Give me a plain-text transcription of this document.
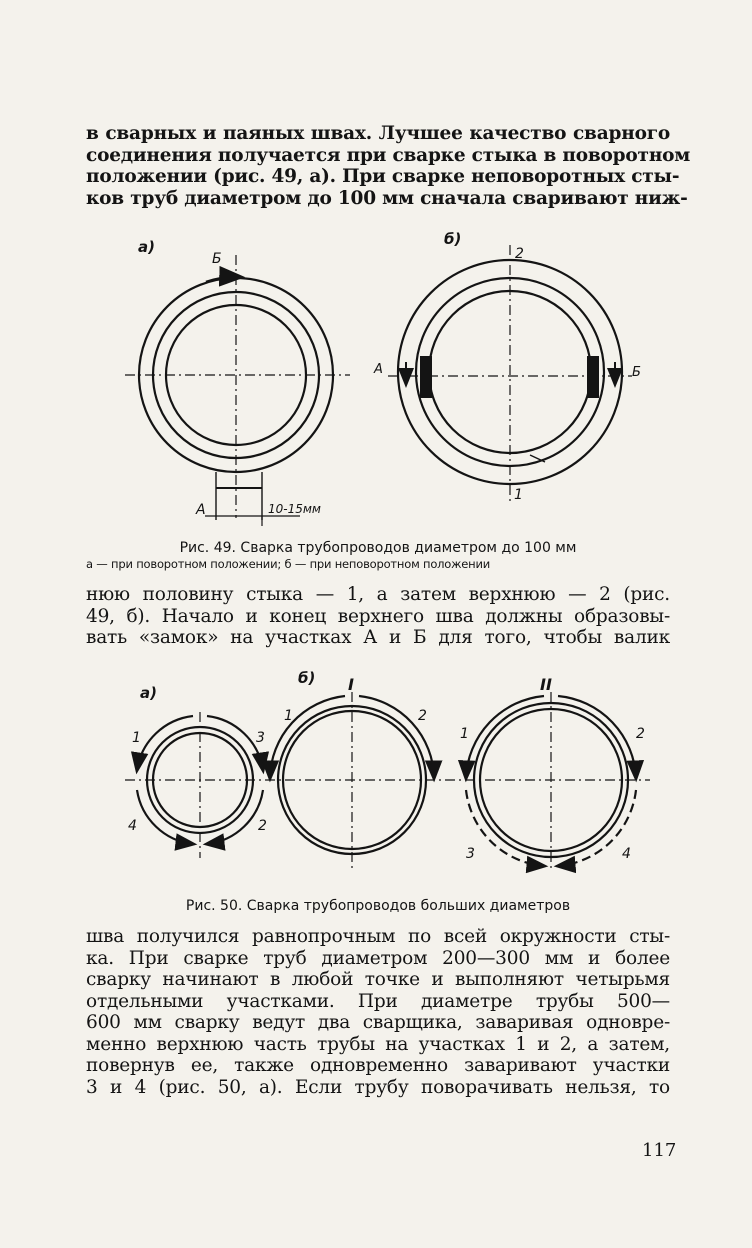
в сварных и паяных швах. Лучшее качество сварного
соединения получается при сварке стыка в поворотном
положении (рис. 49, а). При сварке неповоротных сты-
ков труб диаметром до 100 мм сначала сваривают ниж-
а)
Б
А	10-15мм
б)
2
1
А	Б
Рис. 49. Сварка трубопроводов диаметром до 100 мм
а — при поворотном положении; б — при неповоротном положении
нюю половину стыка — 1, а затем верхнюю — 2 (рис.
49, б). Начало и конец верхнего шва должны образовы-
вать «замок» на участках А и Б для того, чтобы валик
а)
б) I	II
1	3
4	2
1	2
1	2
3	4
Рис. 50. Сварка трубопроводов больших диаметров
шва получился равнопрочным по всей окружности сты-
ка. При сварке труб диаметром 200—300 мм и более
сварку начинают в любой точке и выполняют четырьмя
отдельными участками. При диаметре трубы 500—
600 мм сварку ведут два сварщика, заваривая одновре-
менно верхнюю часть трубы на участках 1 и 2, а затем,
повернув ее, также одновременно заваривают участки
3 и 4 (рис. 50, а). Если трубу поворачивать нельзя, то
117
